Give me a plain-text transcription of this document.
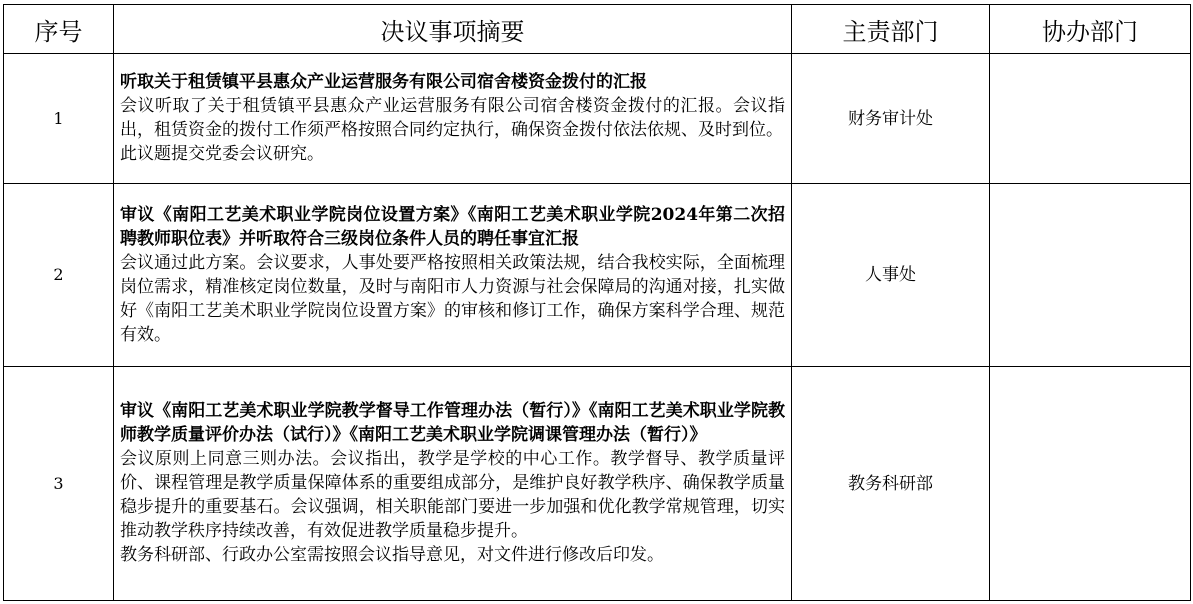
序号	决议事项摘要	主责部门	协办部门
1	听取关于租赁镇平县惠众产业运营服务有限公司宿舍楼资金拨付的汇报
会议听取了关于租赁镇平县惠众产业运营服务有限公司宿舍楼资金拨付的汇报。会议指出，租赁资金的拨付工作须严格按照合同约定执行，确保资金拨付依法依规、及时到位。
此议题提交党委会议研究。	财务审计处	
2	审议《南阳工艺美术职业学院岗位设置方案》《南阳工艺美术职业学院2024年第二次招聘教师职位表》并听取符合三级岗位条件人员的聘任事宜汇报
会议通过此方案。会议要求，人事处要严格按照相关政策法规，结合我校实际，全面梳理岗位需求，精准核定岗位数量，及时与南阳市人力资源与社会保障局的沟通对接，扎实做好《南阳工艺美术职业学院岗位设置方案》的审核和修订工作，确保方案科学合理、规范有效。	人事处	
3	审议《南阳工艺美术职业学院教学督导工作管理办法（暂行）》《南阳工艺美术职业学院教师教学质量评价办法（试行）》《南阳工艺美术职业学院调课管理办法（暂行）》
会议原则上同意三则办法。会议指出，教学是学校的中心工作。教学督导、教学质量评价、课程管理是教学质量保障体系的重要组成部分，是维护良好教学秩序、确保教学质量稳步提升的重要基石。会议强调，相关职能部门要进一步加强和优化教学常规管理，切实推动教学秩序持续改善，有效促进教学质量稳步提升。
教务科研部、行政办公室需按照会议指导意见，对文件进行修改后印发。	教务科研部	
